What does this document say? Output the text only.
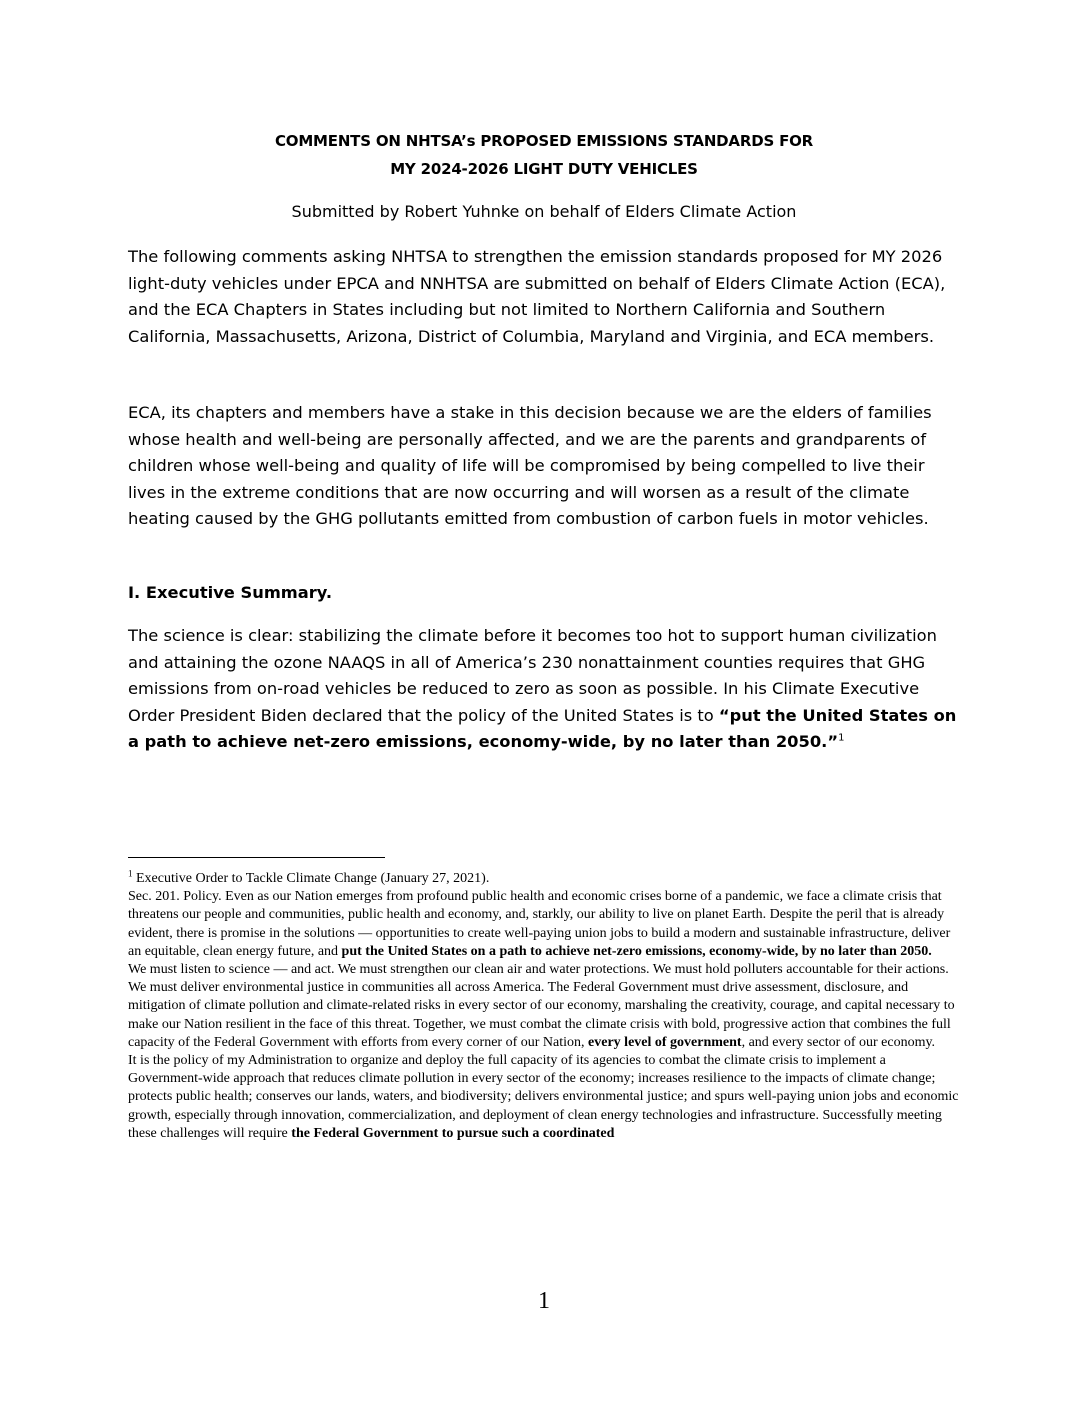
COMMENTS ON NHTSA’s PROPOSED EMISSIONS STANDARDS FOR
MY 2024-2026 LIGHT DUTY VEHICLES
Submitted by Robert Yuhnke on behalf of Elders Climate Action

The following comments asking NHTSA to strengthen the emission standards proposed for MY 2026 light-duty vehicles under EPCA and NNHTSA are submitted on behalf of Elders Climate Action (ECA), and the ECA Chapters in States including but not limited to Northern California and Southern California, Massachusetts, Arizona, District of Columbia, Maryland and Virginia, and ECA members.

ECA, its chapters and members have a stake in this decision because we are the elders of families whose health and well-being are personally affected, and we are the parents and grandparents of children whose well-being and quality of life will be compromised by being compelled to live their lives in the extreme conditions that are now occurring and will worsen as a result of the climate heating caused by the GHG pollutants emitted from combustion of carbon fuels in motor vehicles.

I. Executive Summary.

The science is clear: stabilizing the climate before it becomes too hot to support human civilization and attaining the ozone NAAQS in all of America’s 230 nonattainment counties requires that GHG emissions from on-road vehicles be reduced to zero as soon as possible. In his Climate Executive Order President Biden declared that the policy of the United States is to “put the United States on a path to achieve net-zero emissions, economy-wide, by no later than 2050.”$^1$

$^1$ Executive Order to Tackle Climate Change (January 27, 2021).

Sec. 201. Policy. Even as our Nation emerges from profound public health and economic crises borne of a pandemic, we face a climate crisis that threatens our people and communities, public health and economy, and, starkly, our ability to live on planet Earth. Despite the peril that is already evident, there is promise in the solutions — opportunities to create well-paying union jobs to build a modern and sustainable infrastructure, deliver an equitable, clean energy future, and put the United States on a path to achieve net-zero emissions, economy-wide, by no later than 2050.

We must listen to science — and act. We must strengthen our clean air and water protections. We must hold polluters accountable for their actions. We must deliver environmental justice in communities all across America. The Federal Government must drive assessment, disclosure, and mitigation of climate pollution and climate-related risks in every sector of our economy, marshaling the creativity, courage, and capital necessary to make our Nation resilient in the face of this threat. Together, we must combat the climate crisis with bold, progressive action that combines the full capacity of the Federal Government with efforts from every corner of our Nation, every level of government, and every sector of our economy.

It is the policy of my Administration to organize and deploy the full capacity of its agencies to combat the climate crisis to implement a Government-wide approach that reduces climate pollution in every sector of the economy; increases resilience to the impacts of climate change; protects public health; conserves our lands, waters, and biodiversity; delivers environmental justice; and spurs well-paying union jobs and economic growth, especially through innovation, commercialization, and deployment of clean energy technologies and infrastructure. Successfully meeting these challenges will require the Federal Government to pursue such a coordinated

1
